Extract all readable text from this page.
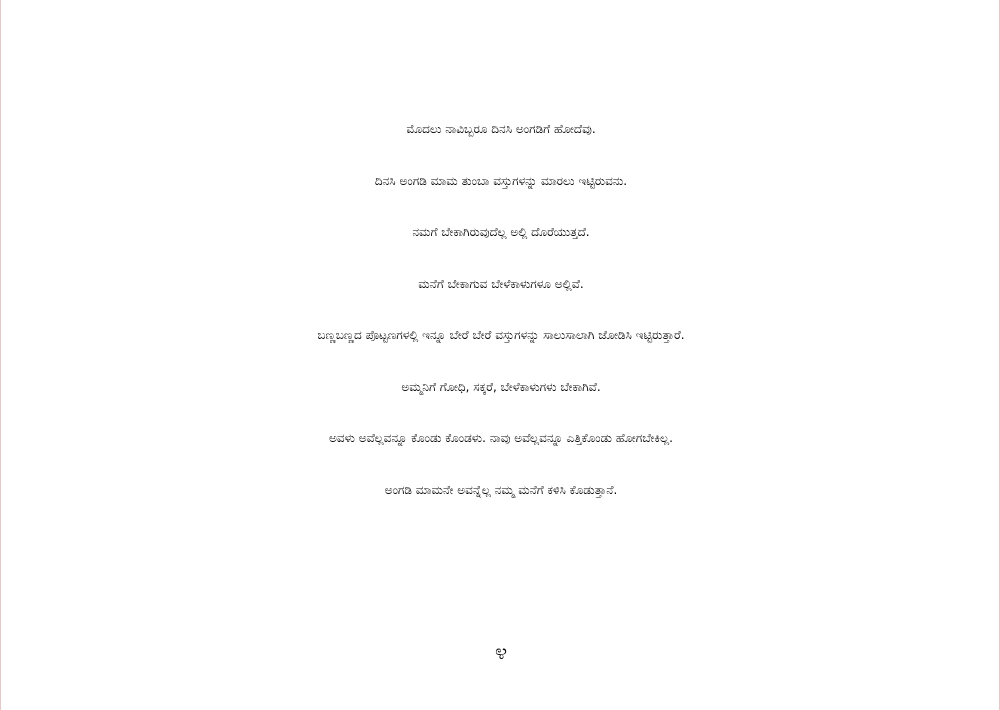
ಮೊದಲು ನಾವಿಬ್ಬರೂ ದಿನಸಿ ಅಂಗಡಿಗೆ ಹೋದೆವು.
ದಿನಸಿ ಅಂಗಡಿ ಮಾಮ ತುಂಬಾ ವಸ್ತುಗಳನ್ನು ಮಾರಲು ಇಟ್ಟಿರುವನು.
ನಮಗೆ ಬೇಕಾಗಿರುವುದೆಲ್ಲ ಅಲ್ಲಿ ದೊರೆಯುತ್ತದೆ.
ಮನೆಗೆ ಬೇಕಾಗುವ ಬೇಳೆಕಾಳುಗಳೂ ಅಲ್ಲಿವೆ.
ಬಣ್ಣಬಣ್ಣದ ಪೊಟ್ಟಣಗಳಲ್ಲಿ ಇನ್ನೂ ಬೇರೆ ಬೇರೆ ವಸ್ತುಗಳನ್ನು ಸಾಲುಸಾಲಾಗಿ ಜೋಡಿಸಿ ಇಟ್ಟಿರುತ್ತಾರೆ.
ಅಮ್ಮನಿಗೆ ಗೋಧಿ, ಸಕ್ಕರೆ, ಬೇಳೆಕಾಳುಗಳು ಬೇಕಾಗಿವೆ.
ಅವಳು ಅವೆಲ್ಲವನ್ನೂ ಕೊಂಡು ಕೊಂಡಳು. ನಾವು ಅವೆಲ್ಲವನ್ನೂ ಎತ್ತಿಕೊಂಡು ಹೋಗಬೇಕಿಲ್ಲ.
ಅಂಗಡಿ ಮಾಮನೇ ಅವನ್ನೆಲ್ಲ ನಮ್ಮ ಮನೆಗೆ ಕಳಿಸಿ ಕೊಡುತ್ತಾನೆ.
೪
